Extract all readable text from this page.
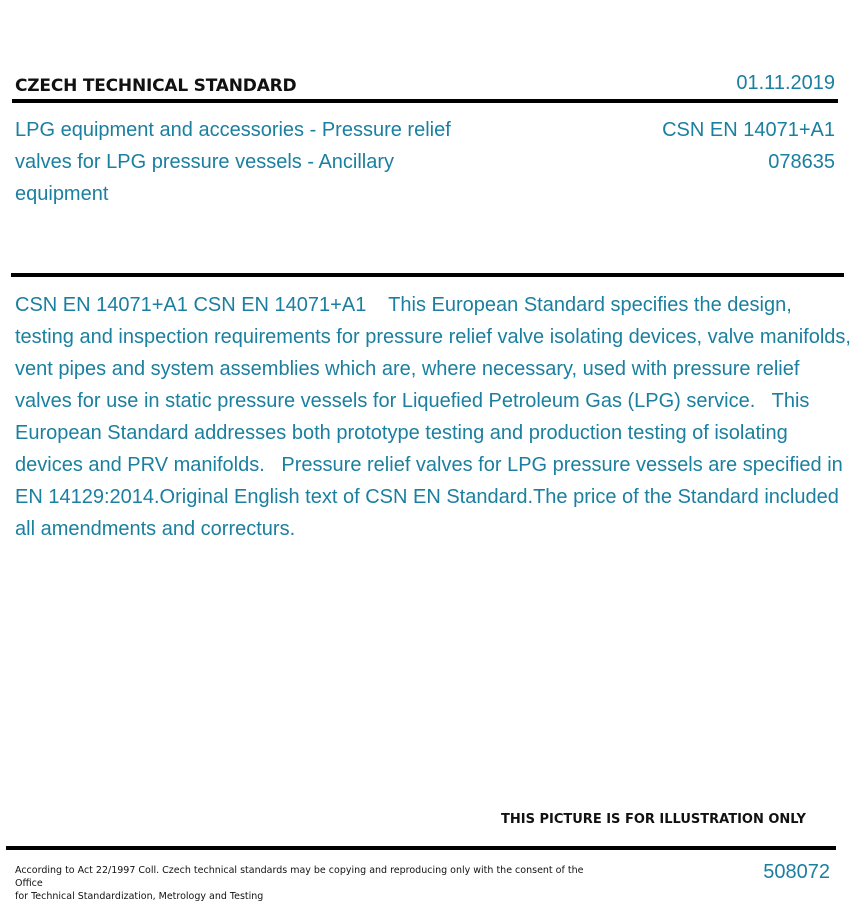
CZECH TECHNICAL STANDARD	01.11.2019
LPG equipment and accessories - Pressure relief valves for LPG pressure vessels - Ancillary equipment
CSN EN 14071+A1
078635
CSN EN 14071+A1 CSN EN 14071+A1    This European Standard specifies the design, testing and inspection requirements for pressure relief valve isolating devices, valve manifolds, vent pipes and system assemblies which are, where necessary, used with pressure relief valves for use in static pressure vessels for Liquefied Petroleum Gas (LPG) service.   This European Standard addresses both prototype testing and production testing of isolating devices and PRV manifolds.   Pressure relief valves for LPG pressure vessels are specified in EN 14129:2014.Original English text of CSN EN Standard.The price of the Standard included all amendments and correcturs.
THIS PICTURE IS FOR ILLUSTRATION ONLY
According to Act 22/1997 Coll. Czech technical standards may be copying and reproducing only with the consent of the Office
for Technical Standardization, Metrology and Testing
508072
